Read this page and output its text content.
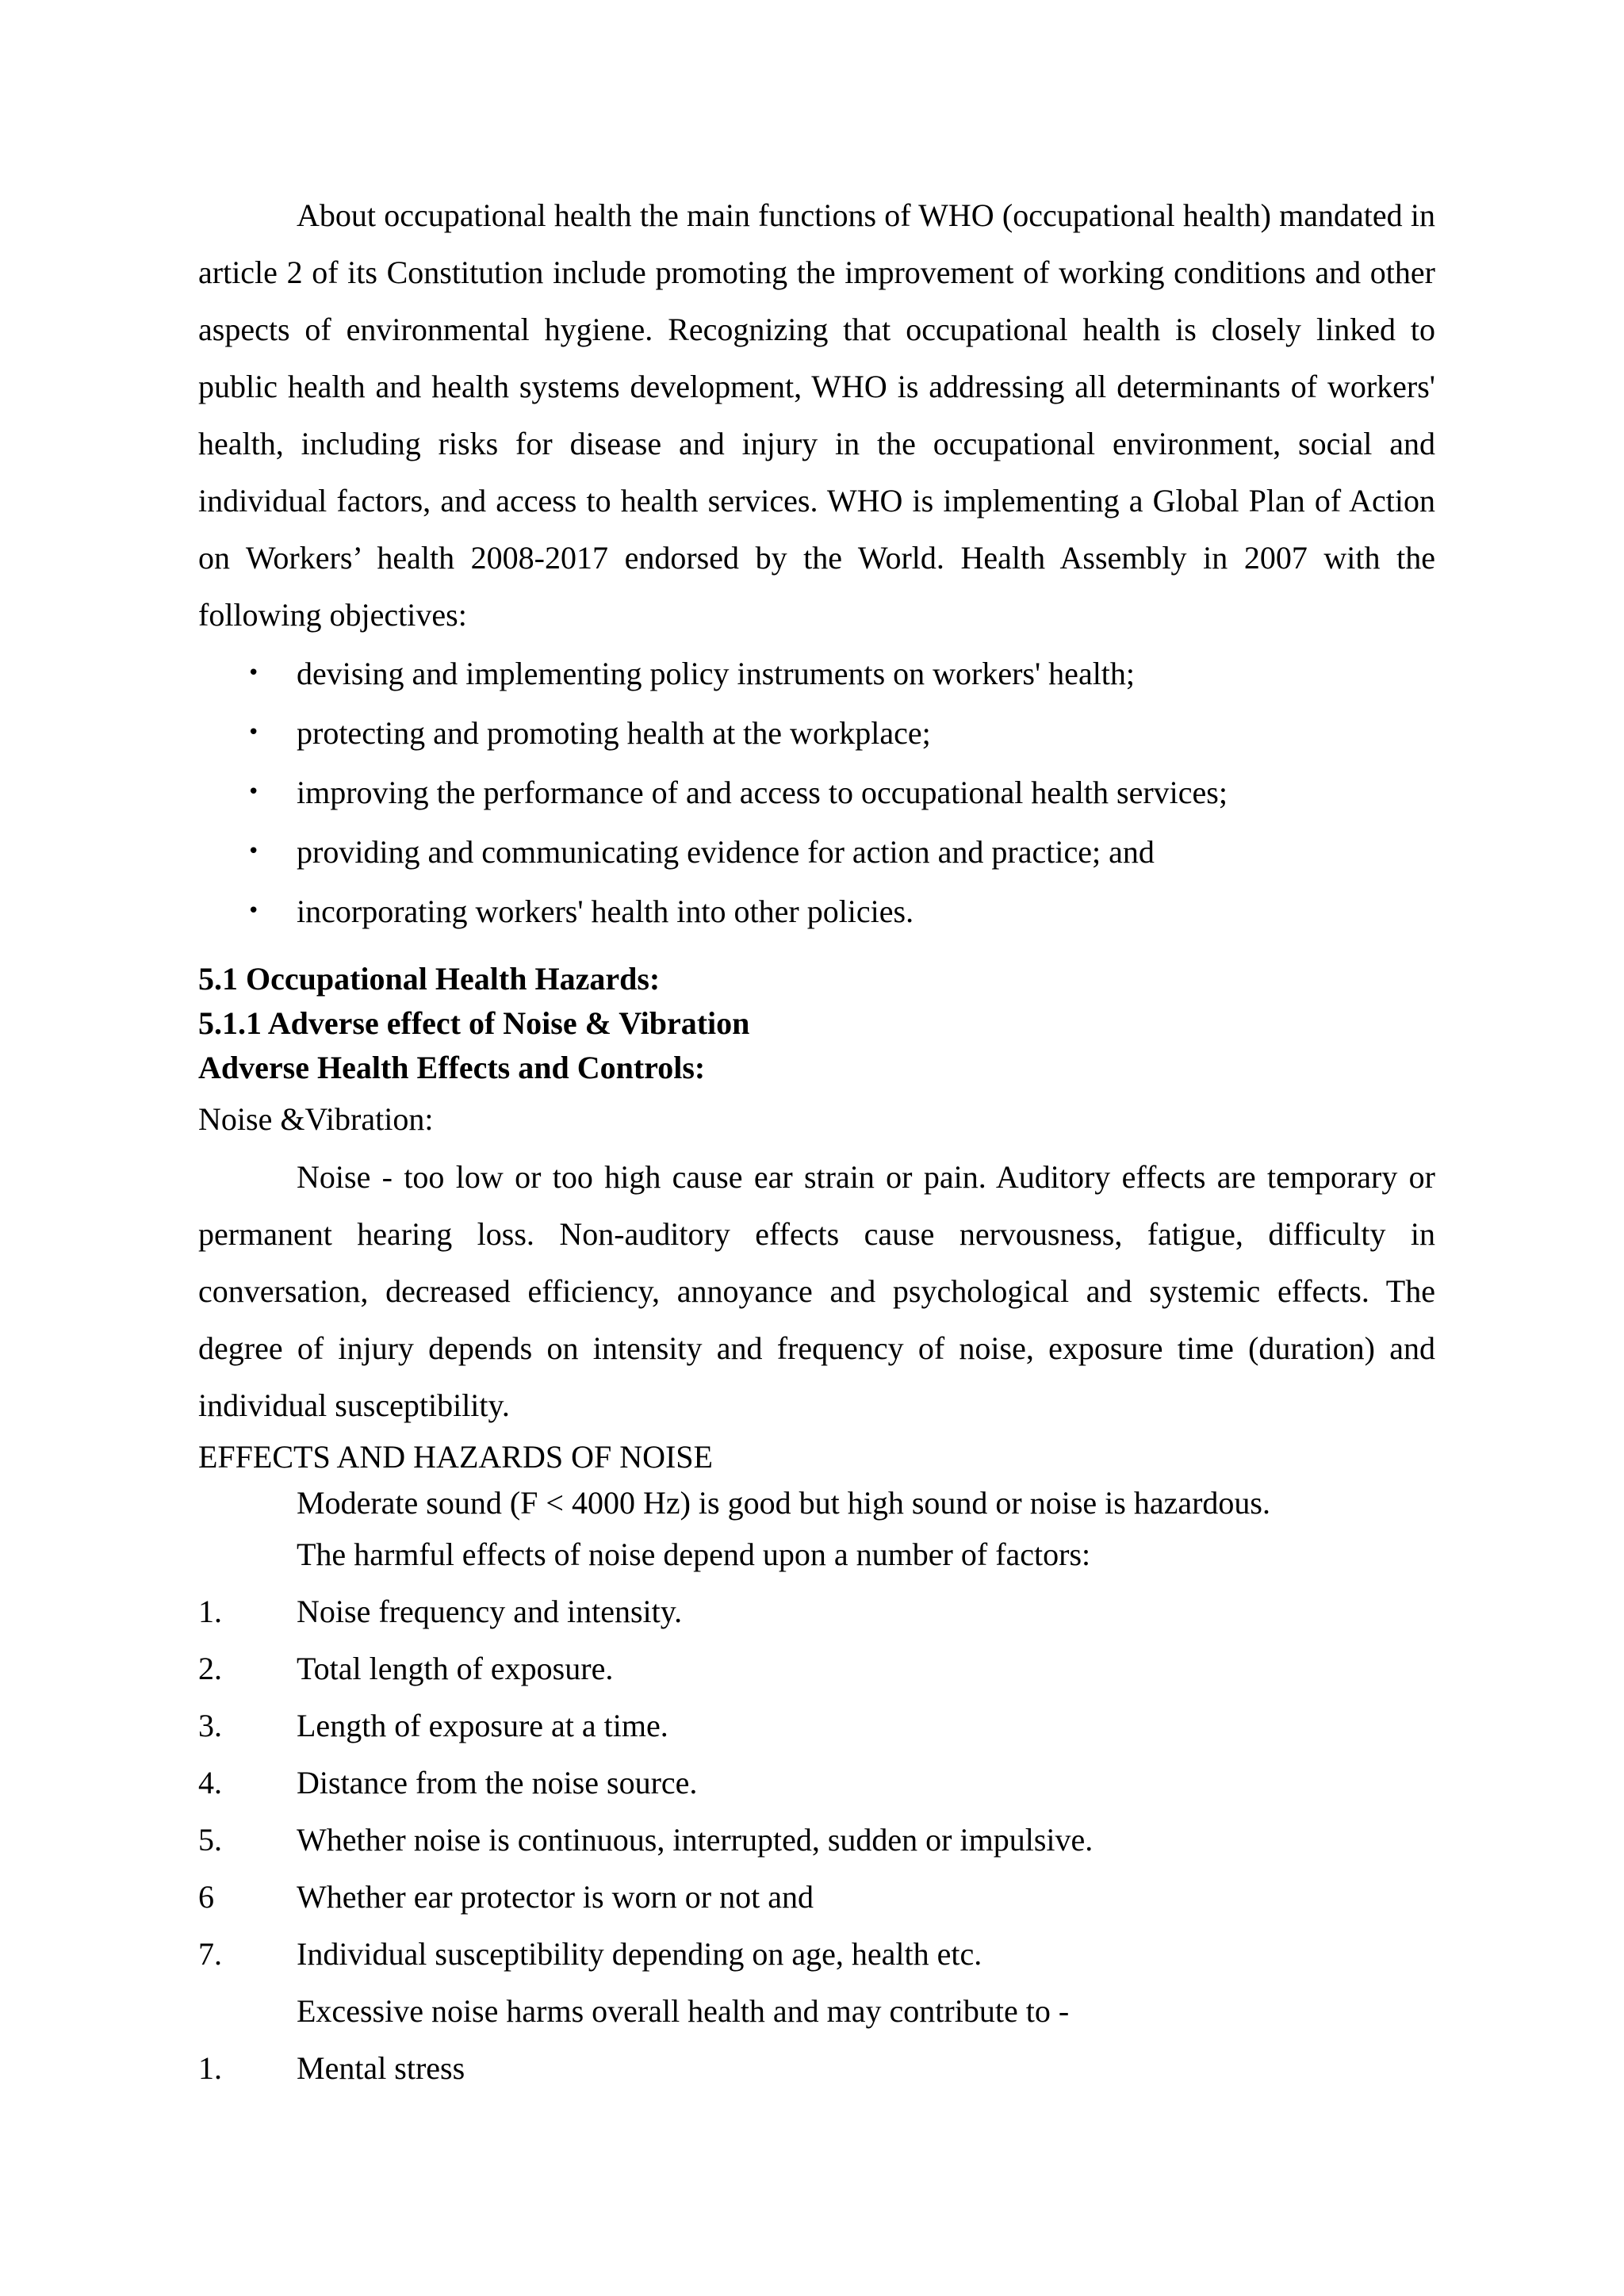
About occupational health the main functions of WHO (occupational health) mandated in article 2 of its Constitution include promoting the improvement of working conditions and other aspects of environmental hygiene. Recognizing that occupational health is closely linked to public health and health systems development, WHO is addressing all determinants of workers' health, including risks for disease and injury in the occupational environment, social and individual factors, and access to health services. WHO is implementing a Global Plan of Action on Workers’ health 2008-2017 endorsed by the World. Health Assembly in 2007 with the following objectives:

• devising and implementing policy instruments on workers' health;
• protecting and promoting health at the workplace;
• improving the performance of and access to occupational health services;
• providing and communicating evidence for action and practice; and
• incorporating workers' health into other policies.

5.1 Occupational Health Hazards:

5.1.1 Adverse effect of Noise & Vibration

Adverse Health Effects and Controls:

Noise &Vibration:

Noise - too low or too high cause ear strain or pain. Auditory effects are temporary or permanent hearing loss. Non-auditory effects cause nervousness, fatigue, difficulty in conversation, decreased efficiency, annoyance and psychological and systemic effects. The degree of injury depends on intensity and frequency of noise, exposure time (duration) and individual susceptibility.

EFFECTS AND HAZARDS OF NOISE

Moderate sound (F < 4000 Hz) is good but high sound or noise is hazardous.

The harmful effects of noise depend upon a number of factors:

1. Noise frequency and intensity.
2. Total length of exposure.
3. Length of exposure at a time.
4. Distance from the noise source.
5. Whether noise is continuous, interrupted, sudden or impulsive.
6	Whether ear protector is worn or not and
7. Individual susceptibility depending on age, health etc.

Excessive noise harms overall health and may contribute to -

1. Mental stress
